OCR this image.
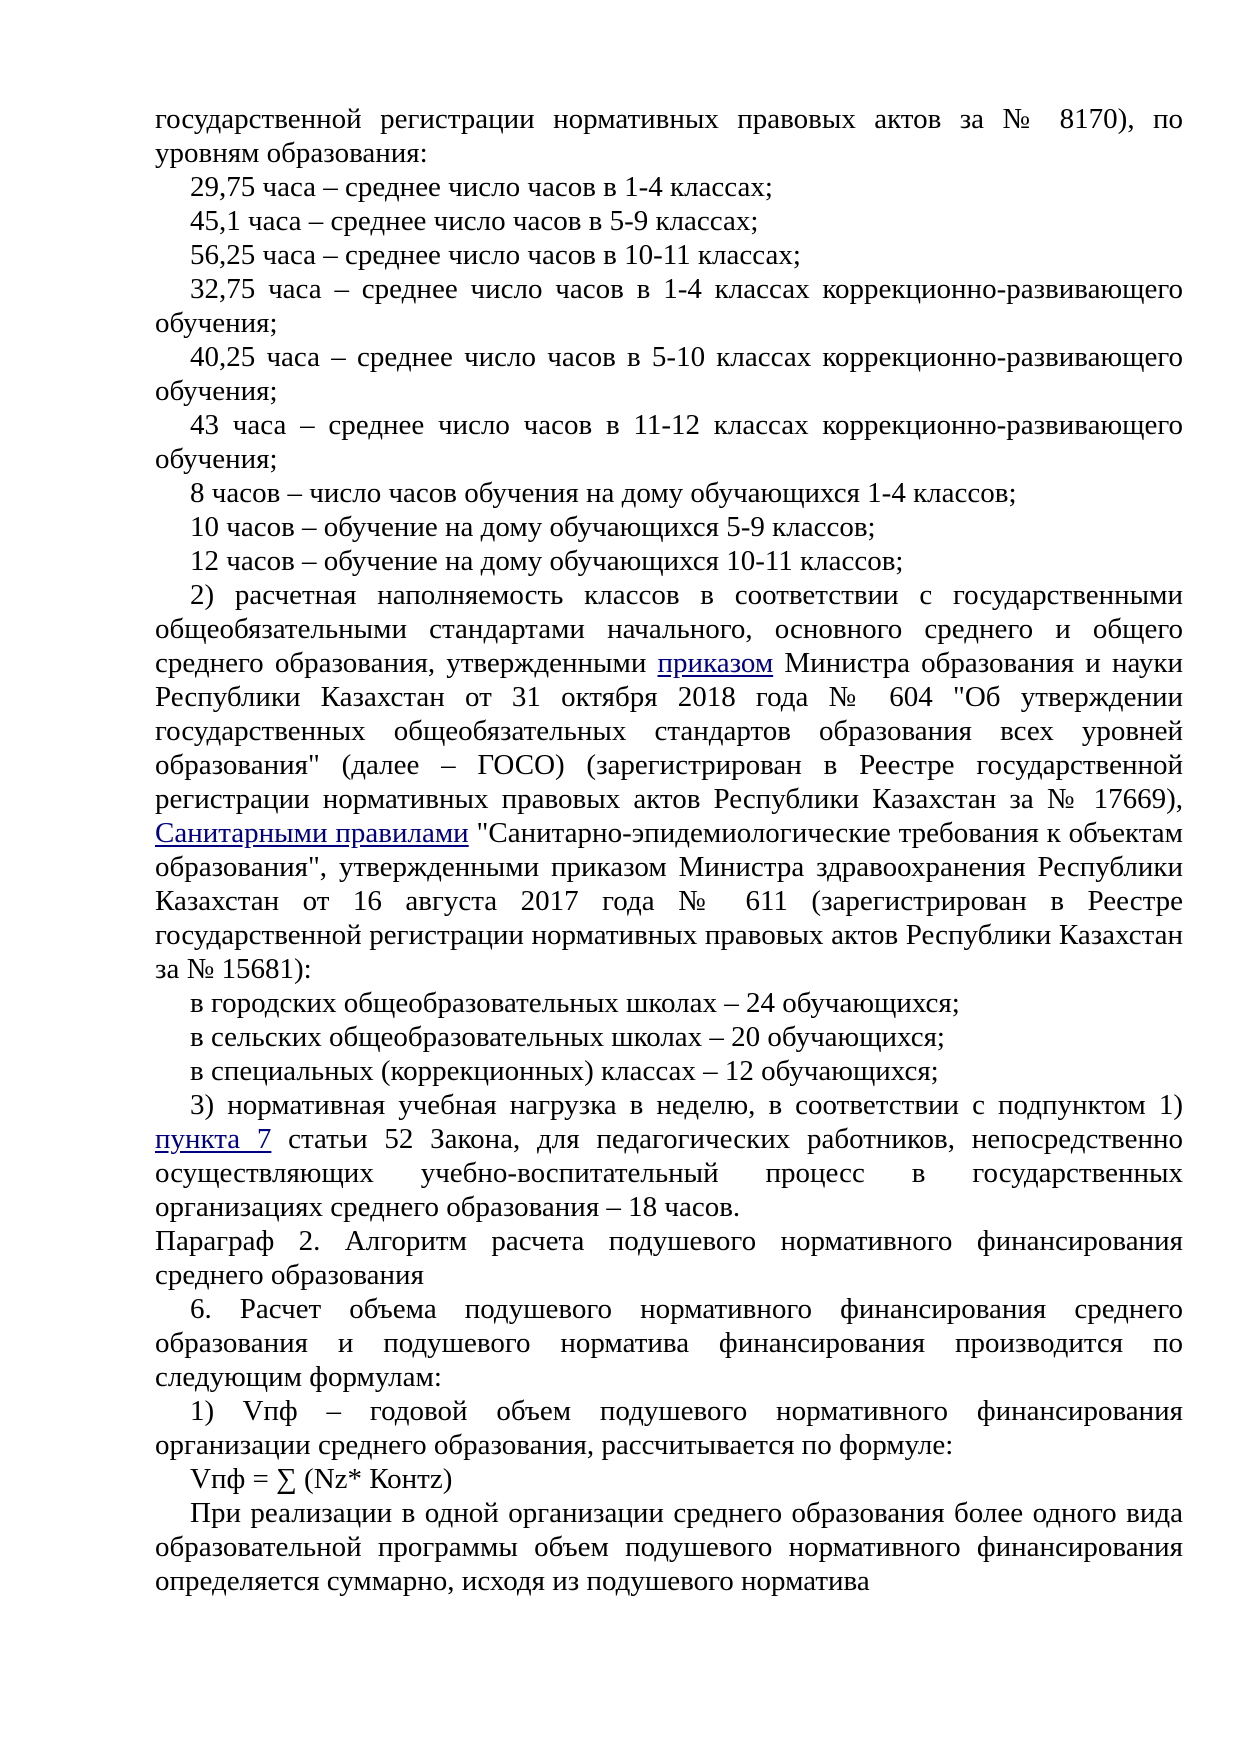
государственной регистрации нормативных правовых актов за № 8170), по уровням образования:

29,75 часа – среднее число часов в 1-4 классах;

45,1 часа – среднее число часов в 5-9 классах;

56,25 часа – среднее число часов в 10-11 классах;

32,75 часа – среднее число часов в 1-4 классах коррекционно-развивающего обучения;

40,25 часа – среднее число часов в 5-10 классах коррекционно-развивающего обучения;

43 часа – среднее число часов в 11-12 классах коррекционно-развивающего обучения;

8 часов – число часов обучения на дому обучающихся 1-4 классов;

10 часов – обучение на дому обучающихся 5-9 классов;

12 часов – обучение на дому обучающихся 10-11 классов;

2) расчетная наполняемость классов в соответствии с государственными общеобязательными стандартами начального, основного среднего и общего среднего образования, утвержденными приказом Министра образования и науки Республики Казахстан от 31 октября 2018 года № 604 "Об утверждении государственных общеобязательных стандартов образования всех уровней образования" (далее – ГОСО) (зарегистрирован в Реестре государственной регистрации нормативных правовых актов Республики Казахстан за № 17669), Санитарными правилами "Санитарно-эпидемиологические требования к объектам образования", утвержденными приказом Министра здравоохранения Республики Казахстан от 16 августа 2017 года № 611 (зарегистрирован в Реестре государственной регистрации нормативных правовых актов Республики Казахстан за № 15681):

в городских общеобразовательных школах – 24 обучающихся;

в сельских общеобразовательных школах – 20 обучающихся;

в специальных (коррекционных) классах – 12 обучающихся;

3) нормативная учебная нагрузка в неделю, в соответствии с подпунктом 1) пункта 7 статьи 52 Закона, для педагогических работников, непосредственно осуществляющих учебно-воспитательный процесс в государственных организациях среднего образования – 18 часов.

Параграф 2. Алгоритм расчета подушевого нормативного финансирования среднего образования

6. Расчет объема подушевого нормативного финансирования среднего образования и подушевого норматива финансирования производится по следующим формулам:

1) Vпф – годовой объем подушевого нормативного финансирования организации среднего образования, рассчитывается по формуле:

Vпф = ∑ (Nz* Контz)

При реализации в одной организации среднего образования более одного вида образовательной программы объем подушевого нормативного финансирования определяется суммарно, исходя из подушевого норматива
